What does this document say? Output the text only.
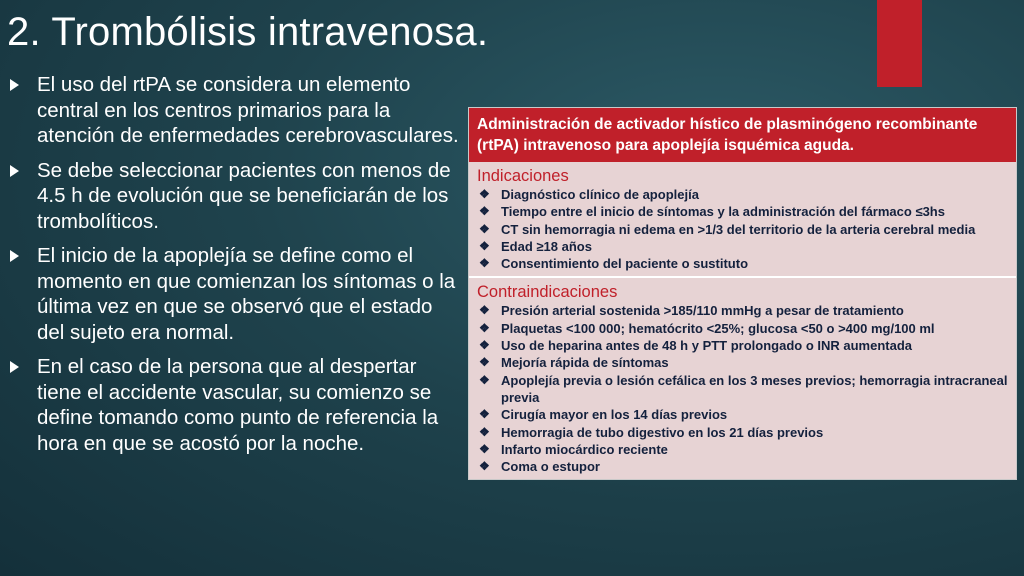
2. Trombólisis intravenosa.
El uso del rtPA se considera un elemento central en los centros primarios para la atención de enfermedades cerebrovasculares.
Se debe seleccionar pacientes con menos de 4.5 h de evolución que se beneficiarán de los trombolíticos.
El inicio de la apoplejía se define como el momento en que comienzan los síntomas o la última vez en que se observó que el estado del sujeto era normal.
En el caso de la persona que al despertar tiene el accidente vascular, su comienzo se define tomando como punto de referencia la hora en que se acostó por la noche.
Administración de activador hístico de plasminógeno recombinante (rtPA) intravenoso para apoplejía isquémica aguda.
Indicaciones
❖ Diagnóstico clínico de apoplejía
❖ Tiempo entre el inicio de síntomas y la administración del fármaco ≤3hs
❖ CT sin hemorragia ni edema en >1/3 del territorio de la arteria cerebral media
❖ Edad ≥18 años
❖ Consentimiento del paciente o sustituto
Contraindicaciones
❖ Presión arterial sostenida >185/110 mmHg a pesar de tratamiento
❖ Plaquetas <100 000; hematócrito <25%; glucosa <50 o >400 mg/100 ml
❖ Uso de heparina antes de 48 h y PTT prolongado o INR aumentada
❖ Mejoría rápida de síntomas
❖ Apoplejía previa o lesión cefálica en los 3 meses previos; hemorragia intracraneal previa
❖ Cirugía mayor en los 14 días previos
❖ Hemorragia de tubo digestivo en los 21 días previos
❖ Infarto miocárdico reciente
❖ Coma o estupor
